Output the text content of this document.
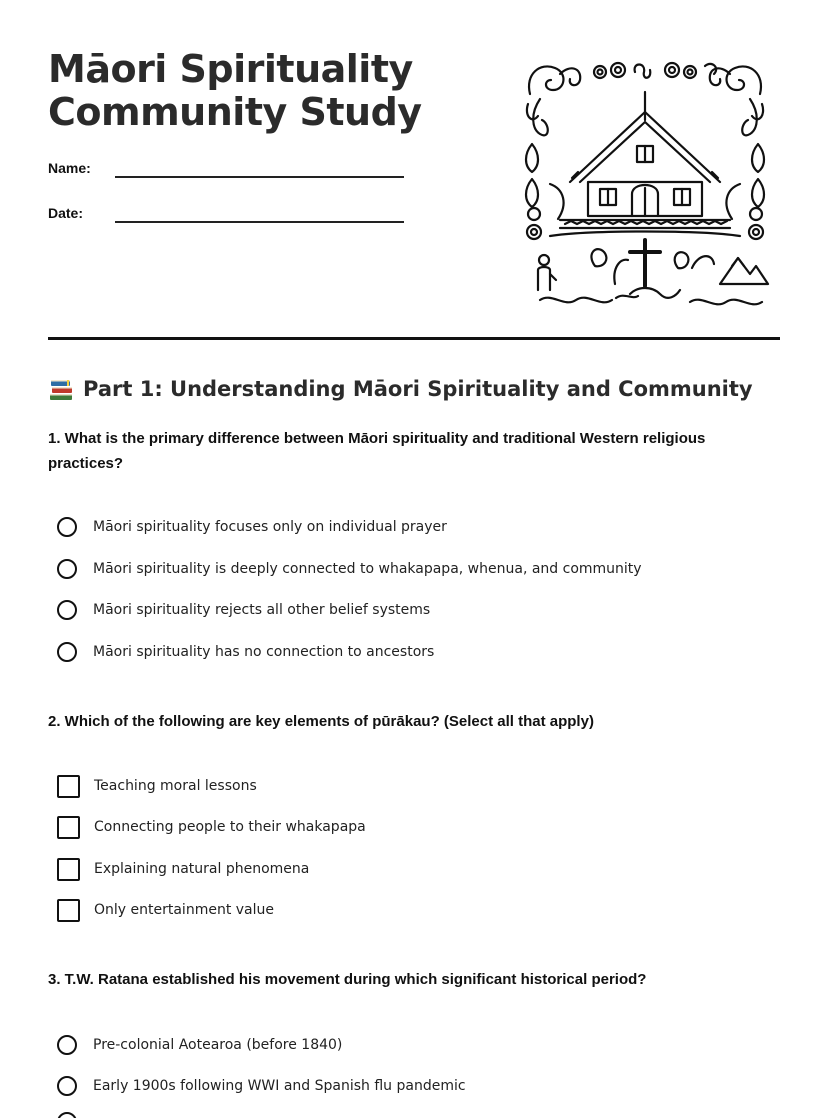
Māori Spirituality
Community Study
Name:
Date:
Part 1: Understanding Māori Spirituality and Community

1. What is the primary difference between Māori spirituality and traditional Western religious practices?

Māori spirituality focuses only on individual prayer
Māori spirituality is deeply connected to whakapapa, whenua, and community
Māori spirituality rejects all other belief systems
Māori spirituality has no connection to ancestors

2. Which of the following are key elements of pūrākau? (Select all that apply)

Teaching moral lessons
Connecting people to their whakapapa
Explaining natural phenomena
Only entertainment value

3. T.W. Ratana established his movement during which significant historical period?

Pre-colonial Aotearoa (before 1840)
Early 1900s following WWI and Spanish flu pandemic
